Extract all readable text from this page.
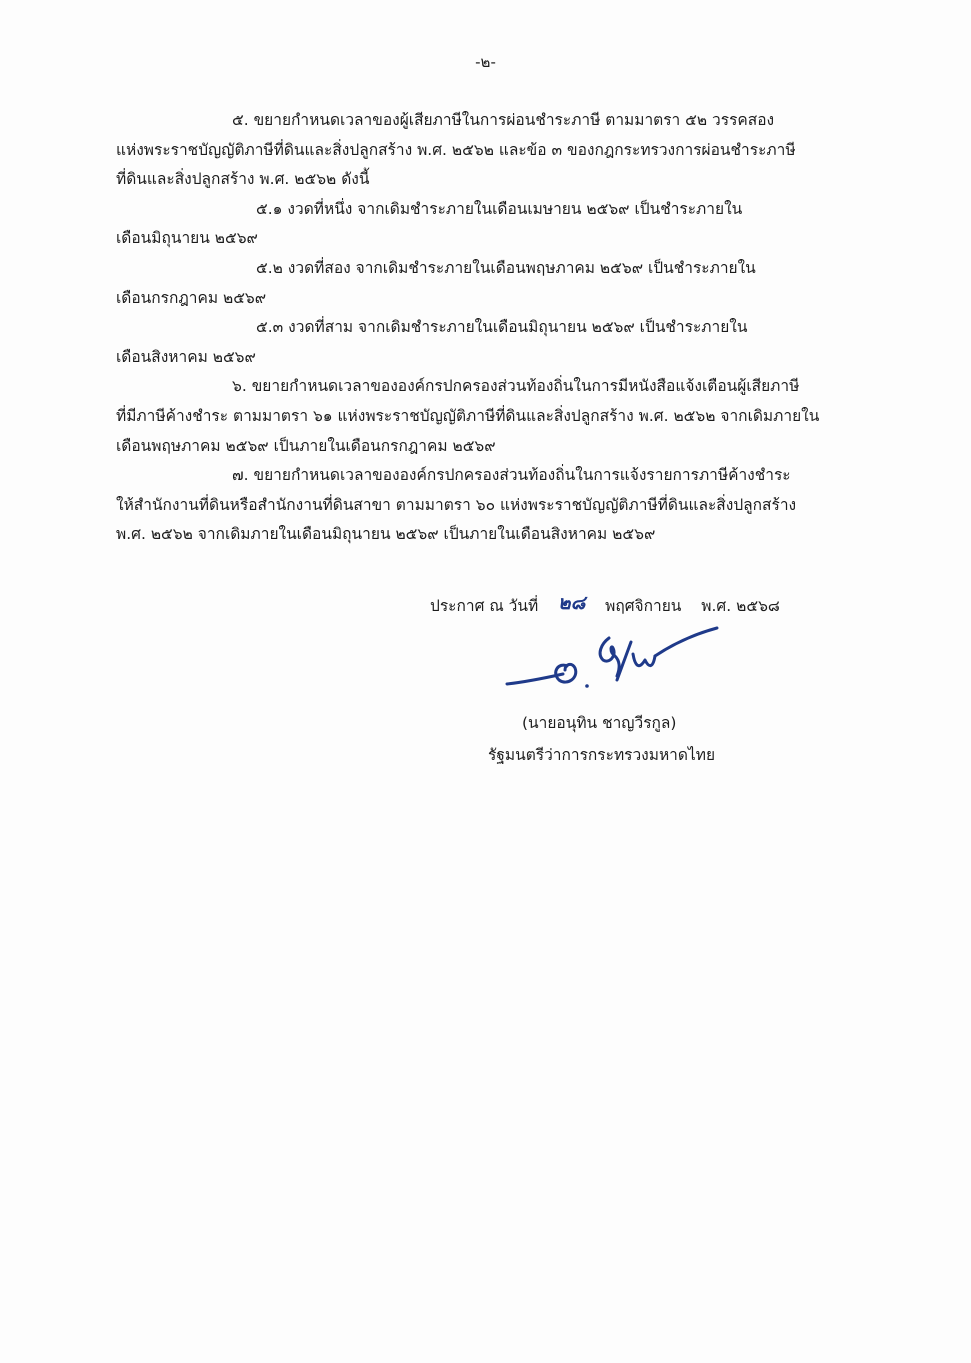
-๒-

๕. ขยายกำหนดเวลาของผู้เสียภาษีในการผ่อนชำระภาษี ตามมาตรา ๕๒ วรรคสอง
แห่งพระราชบัญญัติภาษีที่ดินและสิ่งปลูกสร้าง พ.ศ. ๒๕๖๒ และข้อ ๓ ของกฎกระทรวงการผ่อนชำระภาษี
ที่ดินและสิ่งปลูกสร้าง พ.ศ. ๒๕๖๒ ดังนี้

๕.๑ งวดที่หนึ่ง จากเดิมชำระภายในเดือนเมษายน ๒๕๖๙ เป็นชำระภายใน
เดือนมิถุนายน ๒๕๖๙

๕.๒ งวดที่สอง จากเดิมชำระภายในเดือนพฤษภาคม ๒๕๖๙ เป็นชำระภายใน
เดือนกรกฎาคม ๒๕๖๙

๕.๓ งวดที่สาม จากเดิมชำระภายในเดือนมิถุนายน ๒๕๖๙ เป็นชำระภายใน
เดือนสิงหาคม ๒๕๖๙

๖. ขยายกำหนดเวลาขององค์กรปกครองส่วนท้องถิ่นในการมีหนังสือแจ้งเตือนผู้เสียภาษี
ที่มีภาษีค้างชำระ ตามมาตรา ๖๑ แห่งพระราชบัญญัติภาษีที่ดินและสิ่งปลูกสร้าง พ.ศ. ๒๕๖๒ จากเดิมภายใน
เดือนพฤษภาคม ๒๕๖๙ เป็นภายในเดือนกรกฎาคม ๒๕๖๙

๗. ขยายกำหนดเวลาขององค์กรปกครองส่วนท้องถิ่นในการแจ้งรายการภาษีค้างชำระ
ให้สำนักงานที่ดินหรือสำนักงานที่ดินสาขา ตามมาตรา ๖๐ แห่งพระราชบัญญัติภาษีที่ดินและสิ่งปลูกสร้าง
พ.ศ. ๒๕๖๒ จากเดิมภายในเดือนมิถุนายน ๒๕๖๙ เป็นภายในเดือนสิงหาคม ๒๕๖๙

ประกาศ ณ วันที่ ๒๘ พฤศจิกายน พ.ศ. ๒๕๖๘
(นายอนุทิน ชาญวีรกูล)
รัฐมนตรีว่าการกระทรวงมหาดไทย
